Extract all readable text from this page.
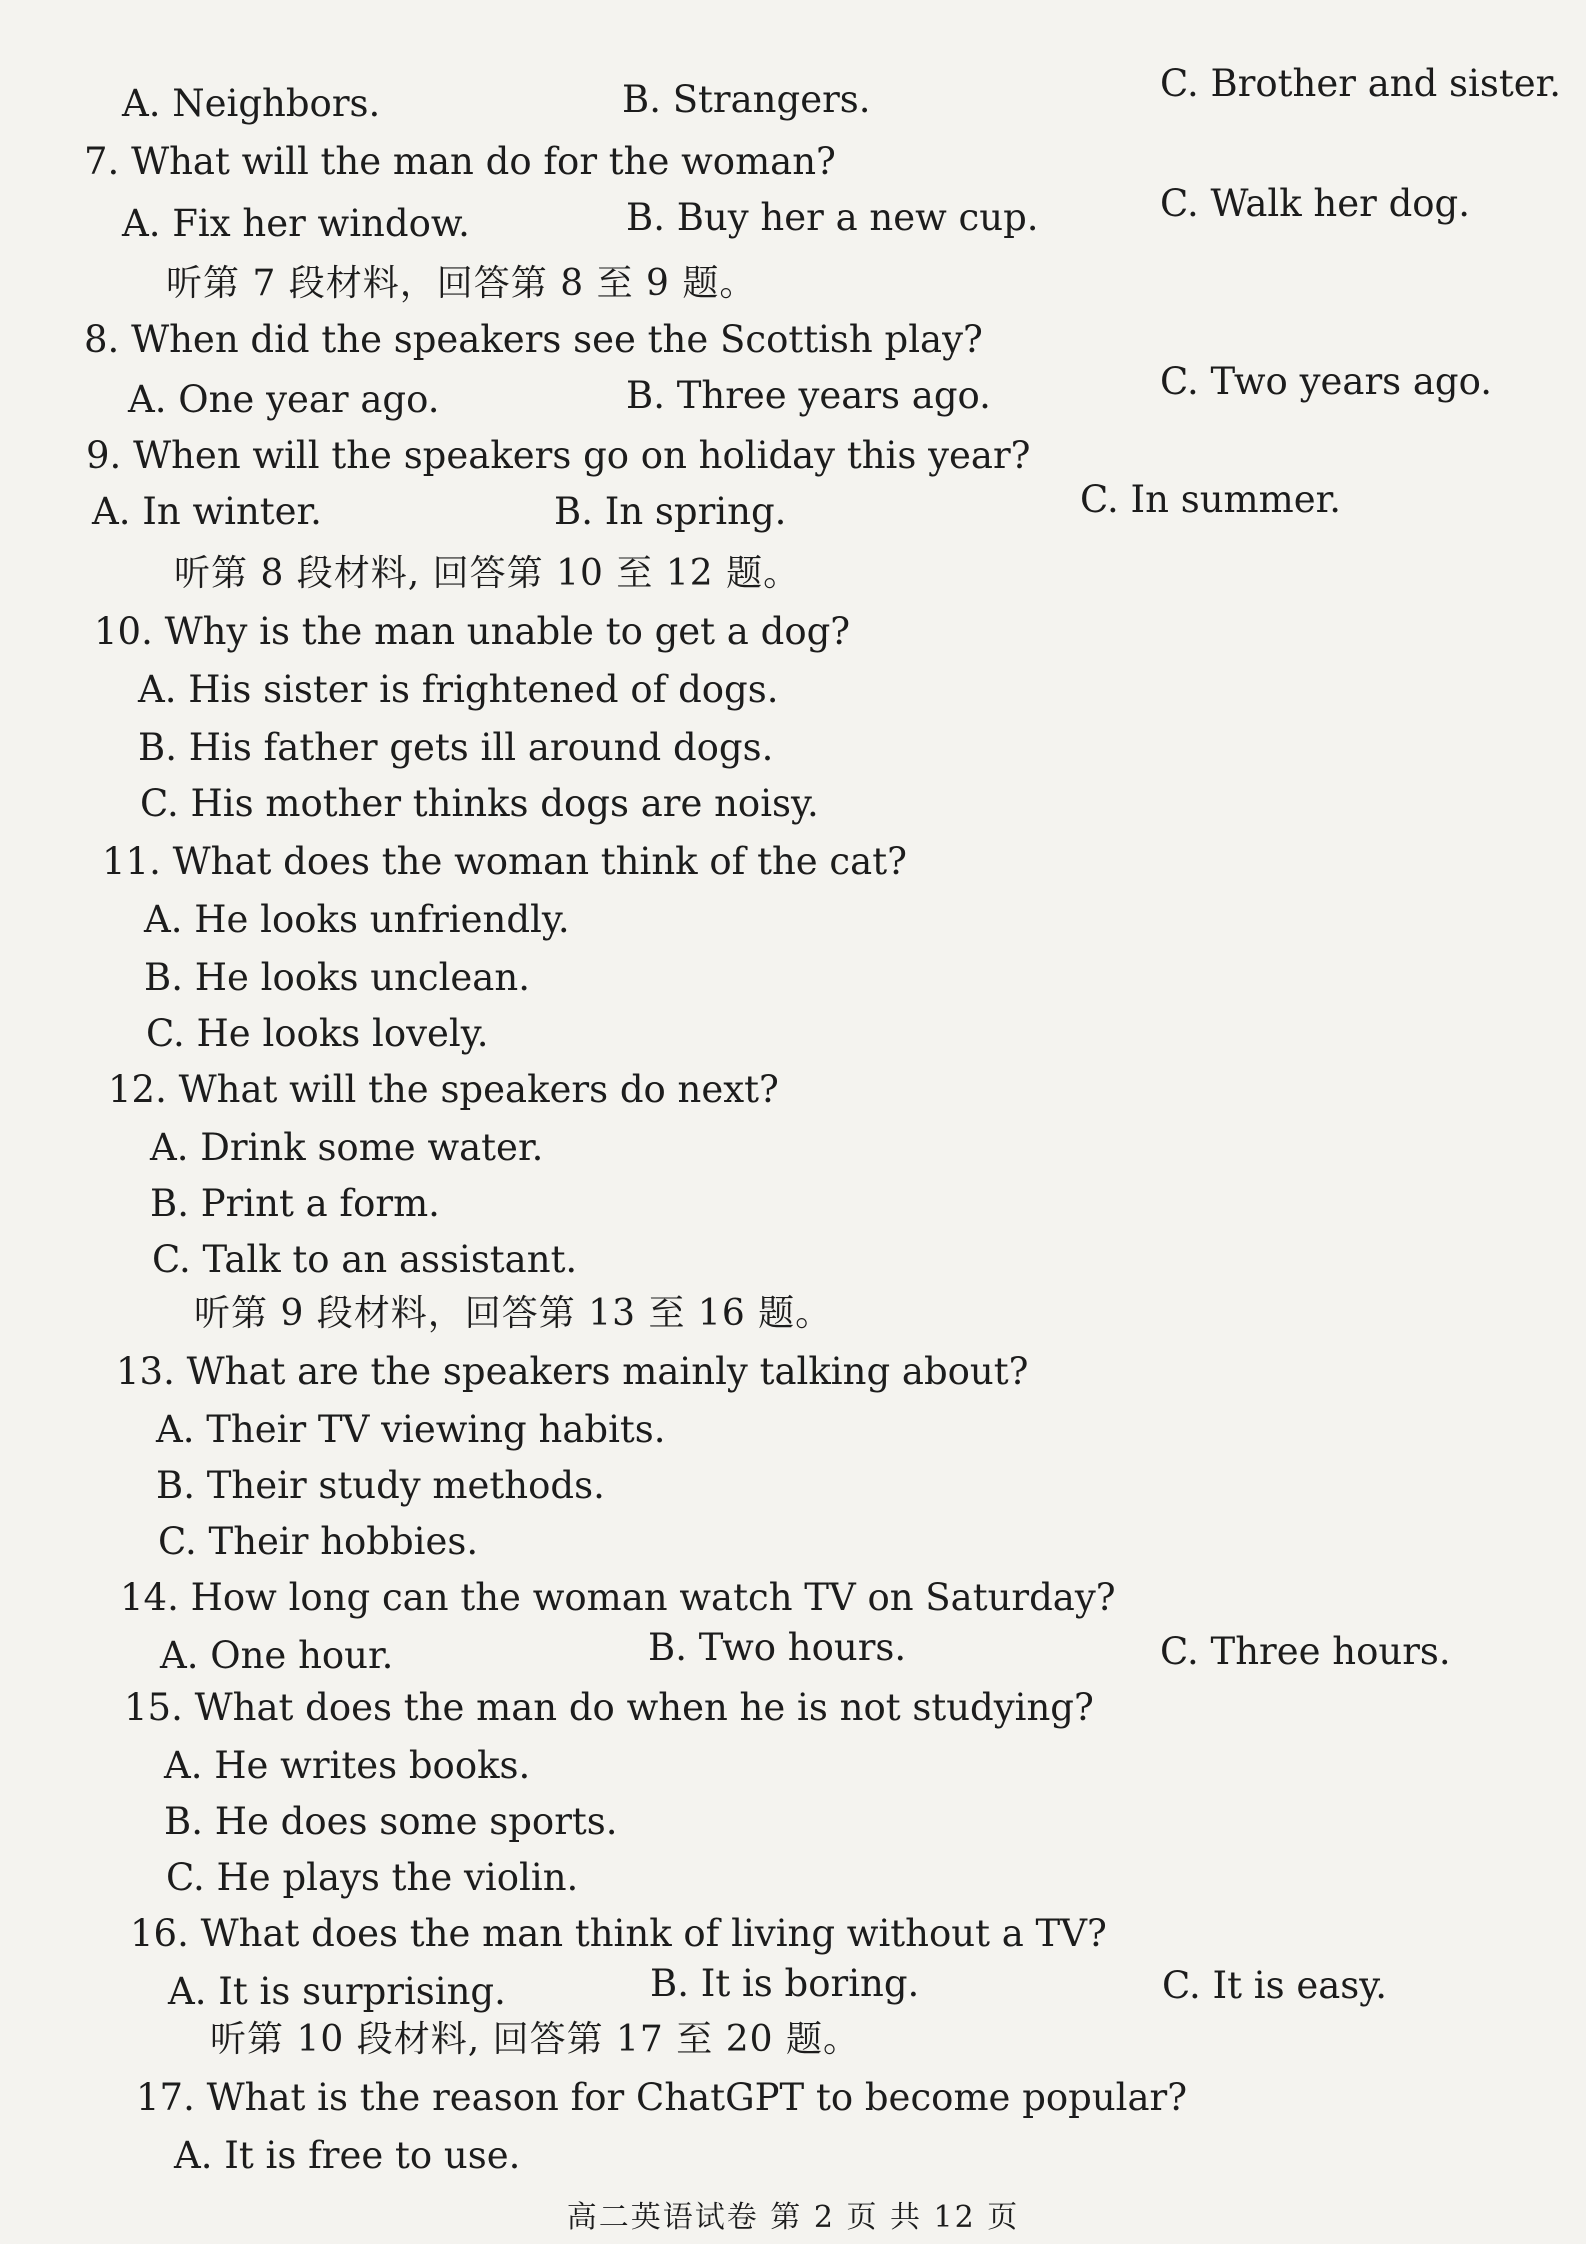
A. Neighbors.	B. Strangers.	C. Brother and sister.
7. What will the man do for the woman?
A. Fix her window.	B. Buy her a new cup.	C. Walk her dog.
听第 7 段材料，回答第 8 至 9 题。
8. When did the speakers see the Scottish play?
A. One year ago.	B. Three years ago.	C. Two years ago.
9. When will the speakers go on holiday this year?
A. In winter.	B. In spring.	C. In summer.
听第 8 段材料, 回答第 10 至 12 题。
10. Why is the man unable to get a dog?
A. His sister is frightened of dogs.
B. His father gets ill around dogs.
C. His mother thinks dogs are noisy.
11. What does the woman think of the cat?
A. He looks unfriendly.
B. He looks unclean.
C. He looks lovely.
12. What will the speakers do next?
A. Drink some water.
B. Print a form.
C. Talk to an assistant.
听第 9 段材料，回答第 13 至 16 题。
13. What are the speakers mainly talking about?
A. Their TV viewing habits.
B. Their study methods.
C. Their hobbies.
14. How long can the woman watch TV on Saturday?
A. One hour.	B. Two hours.	C. Three hours.
15. What does the man do when he is not studying?
A. He writes books.
B. He does some sports.
C. He plays the violin.
16. What does the man think of living without a TV?
A. It is surprising.	B. It is boring.	C. It is easy.
听第 10 段材料, 回答第 17 至 20 题。
17. What is the reason for ChatGPT to become popular?
A. It is free to use.
高二英语试卷 第 2 页 共 12 页
